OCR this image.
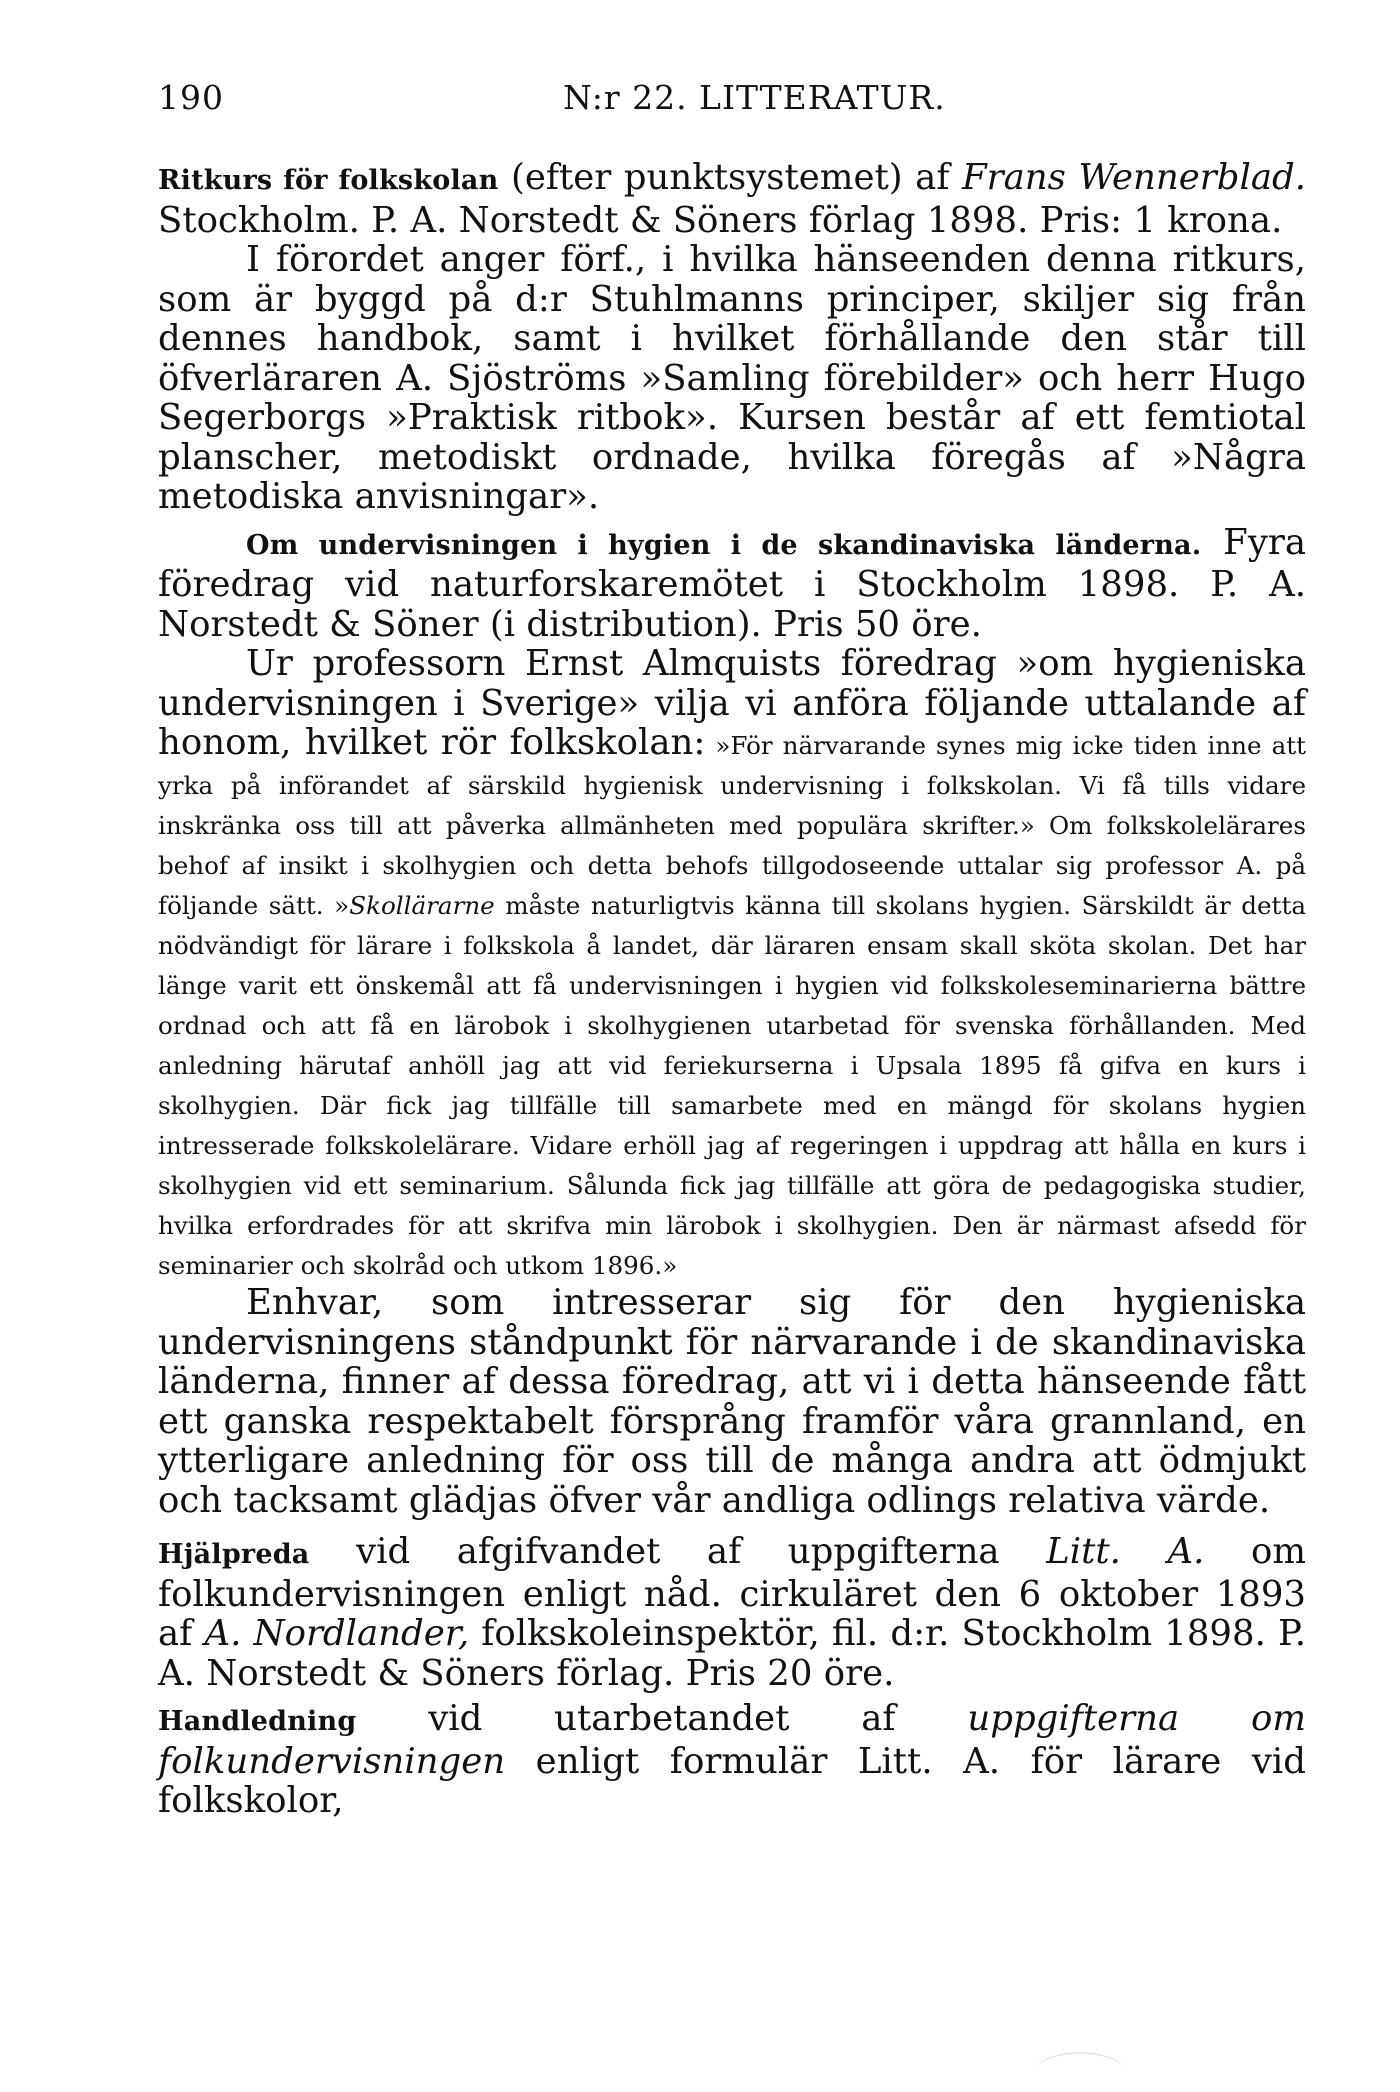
190	N:r 22. LITTERATUR.

Ritkurs för folkskolan (efter punktsystemet) af Frans Wennerblad. Stockholm. P. A. Norstedt & Söners förlag 1898. Pris: 1 krona.

I förordet anger förf., i hvilka hänseenden denna ritkurs, som är byggd på d:r Stuhlmanns principer, skiljer sig från dennes handbok, samt i hvilket förhållande den står till öfverläraren A. Sjöströms »Samling förebilder» och herr Hugo Segerborgs »Praktisk ritbok». Kursen består af ett femtiotal planscher, metodiskt ordnade, hvilka föregås af »Några metodiska anvisningar».

Om undervisningen i hygien i de skandinaviska länderna. Fyra föredrag vid naturforskaremötet i Stockholm 1898. P. A. Norstedt & Söner (i distribution). Pris 50 öre.

Ur professorn Ernst Almquists föredrag »om hygieniska undervisningen i Sverige» vilja vi anföra följande uttalande af honom, hvilket rör folkskolan: »För närvarande synes mig icke tiden inne att yrka på införandet af särskild hygienisk undervisning i folkskolan. Vi få tills vidare inskränka oss till att påverka allmänheten med populära skrifter.» Om folkskolelärares behof af insikt i skolhygien och detta behofs tillgodoseende uttalar sig professor A. på följande sätt. »Skollärarne måste naturligtvis känna till skolans hygien. Särskildt är detta nödvändigt för lärare i folkskola å landet, där läraren ensam skall sköta skolan. Det har länge varit ett önskemål att få undervisningen i hygien vid folkskoleseminarierna bättre ordnad och att få en lärobok i skolhygienen utarbetad för svenska förhållanden. Med anledning härutaf anhöll jag att vid feriekurserna i Upsala 1895 få gifva en kurs i skolhygien. Där fick jag tillfälle till samarbete med en mängd för skolans hygien intresserade folkskolelärare. Vidare erhöll jag af regeringen i uppdrag att hålla en kurs i skolhygien vid ett seminarium. Sålunda fick jag tillfälle att göra de pedagogiska studier, hvilka erfordrades för att skrifva min lärobok i skolhygien. Den är närmast afsedd för seminarier och skolråd och utkom 1896.»

Enhvar, som intresserar sig för den hygieniska undervisningens ståndpunkt för närvarande i de skandinaviska länderna, finner af dessa föredrag, att vi i detta hänseende fått ett ganska respektabelt försprång framför våra grannland, en ytterligare anledning för oss till de många andra att ödmjukt och tacksamt glädjas öfver vår andliga odlings relativa värde.

Hjälpreda vid afgifvandet af uppgifterna Litt. A. om folkundervisningen enligt nåd. cirkuläret den 6 oktober 1893 af A. Nordlander, folkskoleinspektör, fil. d:r. Stockholm 1898. P. A. Norstedt & Söners förlag. Pris 20 öre.

Handledning vid utarbetandet af uppgifterna om folkundervisningen enligt formulär Litt. A. för lärare vid folkskolor,
